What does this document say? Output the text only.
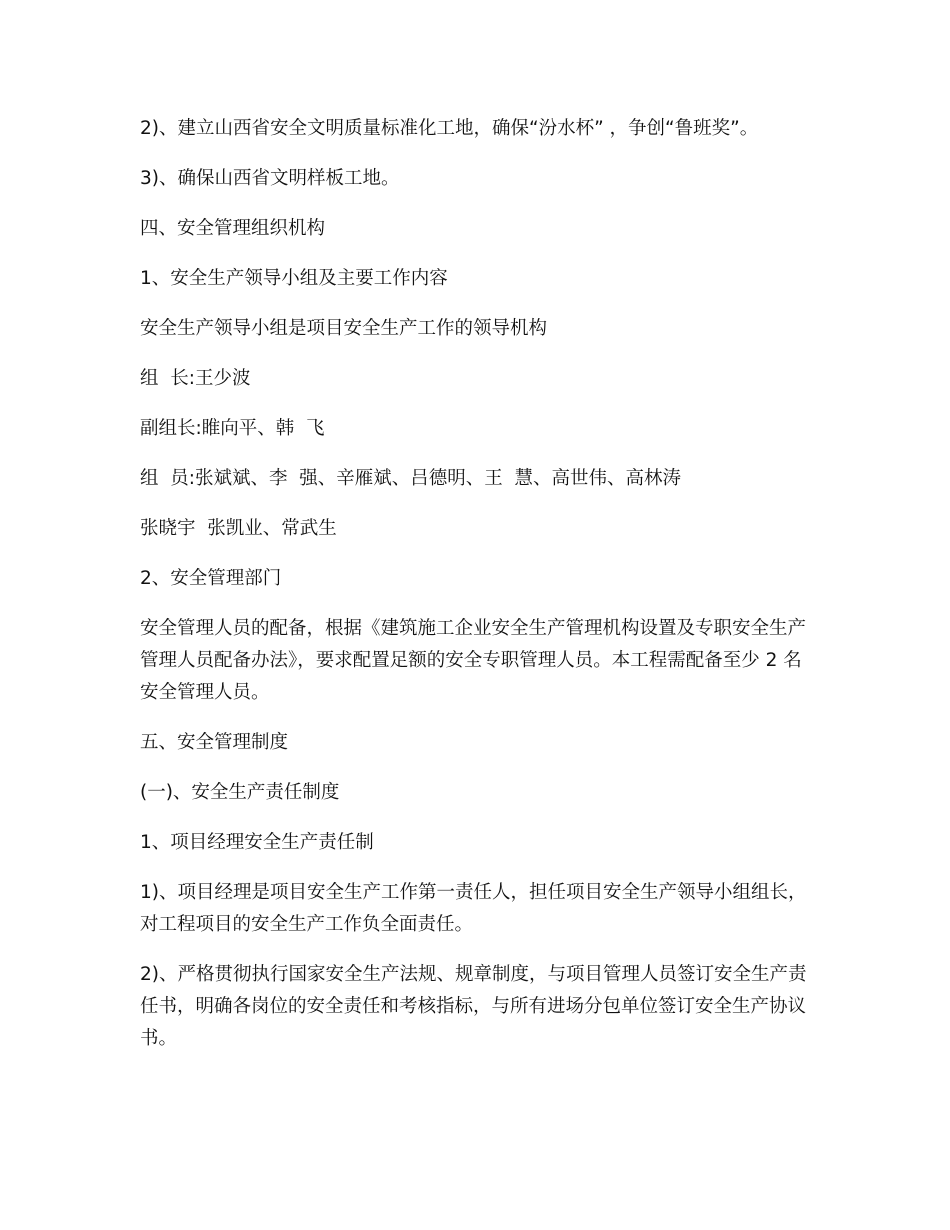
2)、建立山西省安全文明质量标准化工地，确保“汾水杯” ，争创“鲁班奖”。

3)、确保山西省文明样板工地。

四、安全管理组织机构

1、安全生产领导小组及主要工作内容

安全生产领导小组是项目安全生产工作的领导机构

组  长:王少波

副组长:睢向平、韩  飞

组  员:张斌斌、李  强、辛雁斌、吕德明、王  慧、高世伟、高林涛

张晓宇  张凯业、常武生

2、安全管理部门

安全管理人员的配备，根据《建筑施工企业安全生产管理机构设置及专职安全生产管理人员配备办法》，要求配置足额的安全专职管理人员。本工程需配备至少 2 名安全管理人员。

五、安全管理制度

(一)、安全生产责任制度

1、项目经理安全生产责任制

1)、项目经理是项目安全生产工作第一责任人，担任项目安全生产领导小组组长，对工程项目的安全生产工作负全面责任。

2)、严格贯彻执行国家安全生产法规、规章制度，与项目管理人员签订安全生产责任书，明确各岗位的安全责任和考核指标，与所有进场分包单位签订安全生产协议书。
